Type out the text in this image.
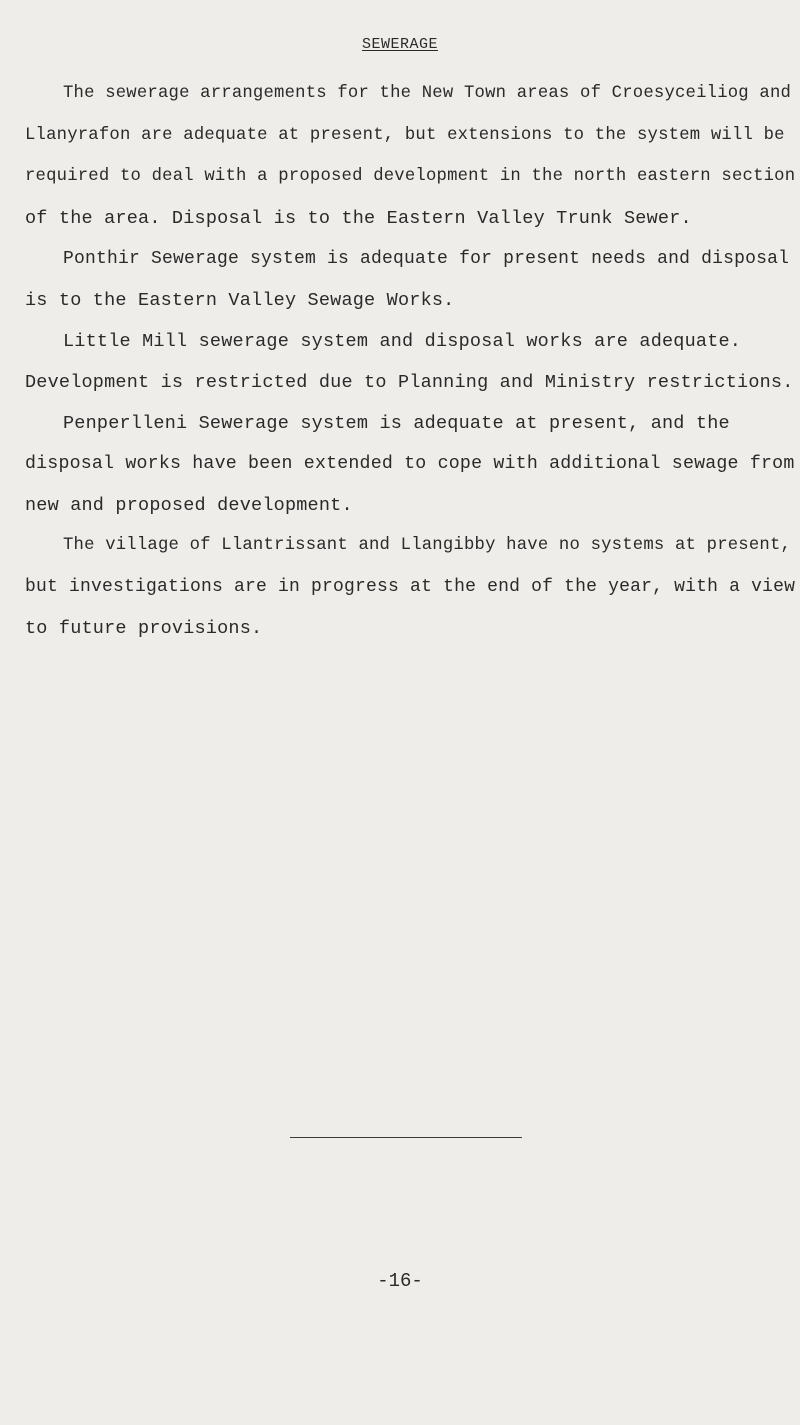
SEWERAGE
The sewerage arrangements for the New Town areas of Croesyceiliog and
Llanyrafon are adequate at present, but extensions to the system will be
required to deal with a proposed development in the north eastern section
of the area. Disposal is to the Eastern Valley Trunk Sewer.
Ponthir Sewerage system is adequate for present needs and disposal
is to the Eastern Valley Sewage Works.
Little Mill sewerage system and disposal works are adequate.
Development is restricted due to Planning and Ministry restrictions.
Penperlleni Sewerage system is adequate at present, and the
disposal works have been extended to cope with additional sewage from
new and proposed development.
The village of Llantrissant and Llangibby have no systems at present,
but investigations are in progress at the end of the year, with a view
to future provisions.
-16-
